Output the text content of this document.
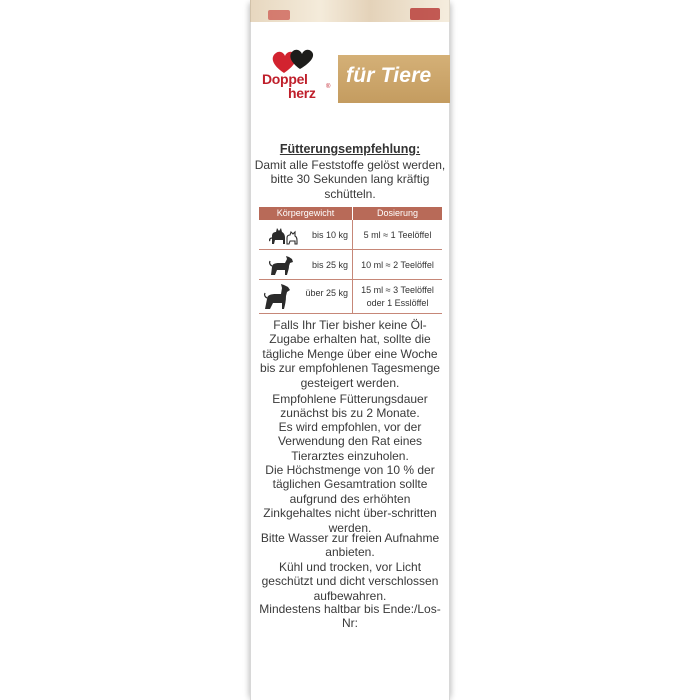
Doppel
herz ® für Tiere
Fütterungsempfehlung:
Damit alle Feststoffe gelöst werden, bitte 30 Sekunden lang kräftig schütteln.
Körpergewicht	Dosierung
bis 10 kg	5 ml ≈ 1 Teelöffel
bis 25 kg	10 ml ≈ 2 Teelöffel
über 25 kg	15 ml ≈ 3 Teelöffel
oder 1 Esslöffel
Falls Ihr Tier bisher keine Öl-Zugabe erhalten hat, sollte die tägliche Menge über eine Woche bis zur empfohlenen Tagesmenge gesteigert werden.
Empfohlene Fütterungsdauer zunächst bis zu 2 Monate.
Es wird empfohlen, vor der Verwendung den Rat eines Tierarztes einzuholen.
Die Höchstmenge von 10 % der täglichen Gesamtration sollte aufgrund des erhöhten Zinkgehaltes nicht über-schritten werden.
Bitte Wasser zur freien Aufnahme anbieten.
Kühl und trocken, vor Licht geschützt und dicht verschlossen aufbewahren.
Mindestens haltbar bis Ende:/Los-Nr:
